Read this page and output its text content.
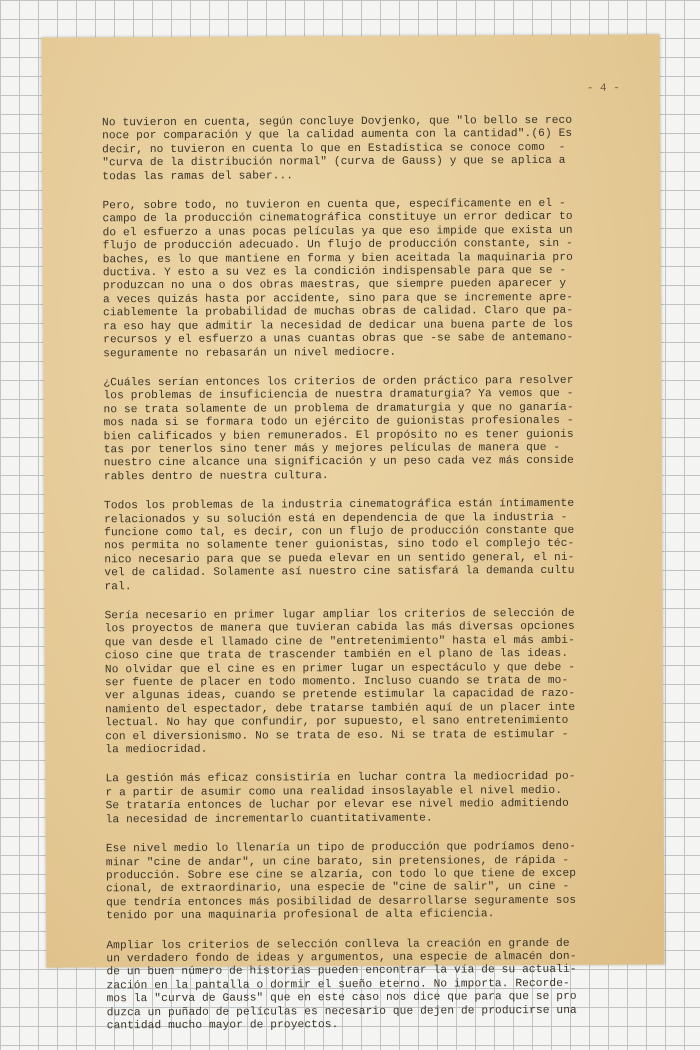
- 4 -
No tuvieron en cuenta, según concluye Dovjenko, que "lo bello se reco
noce por comparación y que la calidad aumenta con la cantidad".(6) Es
decir, no tuvieron en cuenta lo que en Estadística se conoce como  -
"curva de la distribución normal" (curva de Gauss) y que se aplica a
todas las ramas del saber...
Pero, sobre todo, no tuvieron en cuenta que, específicamente en el -
campo de la producción cinematográfica constituye un error dedicar to
do el esfuerzo a unas pocas películas ya que eso impide que exista un
flujo de producción adecuado. Un flujo de producción constante, sin -
baches, es lo que mantiene en forma y bien aceitada la maquinaria pro
ductiva. Y esto a su vez es la condición indispensable para que se -
produzcan no una o dos obras maestras, que siempre pueden aparecer y
a veces quizás hasta por accidente, sino para que se incremente apre-
ciablemente la probabilidad de muchas obras de calidad. Claro que pa-
ra eso hay que admitir la necesidad de dedicar una buena parte de los
recursos y el esfuerzo a unas cuantas obras que -se sabe de antemano-
seguramente no rebasarán un nivel mediocre.
¿Cuáles serían entonces los criterios de orden práctico para resolver
los problemas de insuficiencia de nuestra dramaturgia? Ya vemos que -
no se trata solamente de un problema de dramaturgia y que no ganaría-
mos nada si se formara todo un ejército de guionistas profesionales -
bien calificados y bien remunerados. El propósito no es tener guionis
tas por tenerlos sino tener más y mejores películas de manera que -
nuestro cine alcance una significación y un peso cada vez más conside
rables dentro de nuestra cultura.
Todos los problemas de la industria cinematográfica están íntimamente
relacionados y su solución está en dependencia de que la industria -
funcione como tal, es decir, con un flujo de producción constante que
nos permita no solamente tener guionistas, sino todo el complejo téc-
nico necesario para que se pueda elevar en un sentido general, el ni-
vel de calidad. Solamente así nuestro cine satisfará la demanda cultu
ral.
Sería necesario en primer lugar ampliar los criterios de selección de
los proyectos de manera que tuvieran cabida las más diversas opciones
que van desde el llamado cine de "entretenimiento" hasta el más ambi-
cioso cine que trata de trascender también en el plano de las ideas.
No olvidar que el cine es en primer lugar un espectáculo y que debe -
ser fuente de placer en todo momento. Incluso cuando se trata de mo-
ver algunas ideas, cuando se pretende estimular la capacidad de razo-
namiento del espectador, debe tratarse también aquí de un placer inte
lectual. No hay que confundir, por supuesto, el sano entretenimiento
con el diversionismo. No se trata de eso. Ni se trata de estimular -
la mediocridad.
La gestión más eficaz consistiría en luchar contra la mediocridad po-
r a partir de asumir como una realidad insoslayable el nivel medio.
Se trataría entonces de luchar por elevar ese nivel medio admitiendo
la necesidad de incrementarlo cuantitativamente.
Ese nivel medio lo llenaría un tipo de producción que podríamos deno-
minar "cine de andar", un cine barato, sin pretensiones, de rápida -
producción. Sobre ese cine se alzaría, con todo lo que tiene de excep
cional, de extraordinario, una especie de "cine de salir", un cine -
que tendría entonces más posibilidad de desarrollarse seguramente sos
tenido por una maquinaria profesional de alta eficiencia.
Ampliar los criterios de selección conlleva la creación en grande de
un verdadero fondo de ideas y argumentos, una especie de almacén don-
de un buen número de historias pueden encontrar la vía de su actuali-
zación en la pantalla o dormir el sueño eterno. No importa. Recorde-
mos la "curva de Gauss" que en este caso nos dice que para que se pro
duzca un puñado de películas es necesario que dejen de producirse una
cantidad mucho mayor de proyectos.
